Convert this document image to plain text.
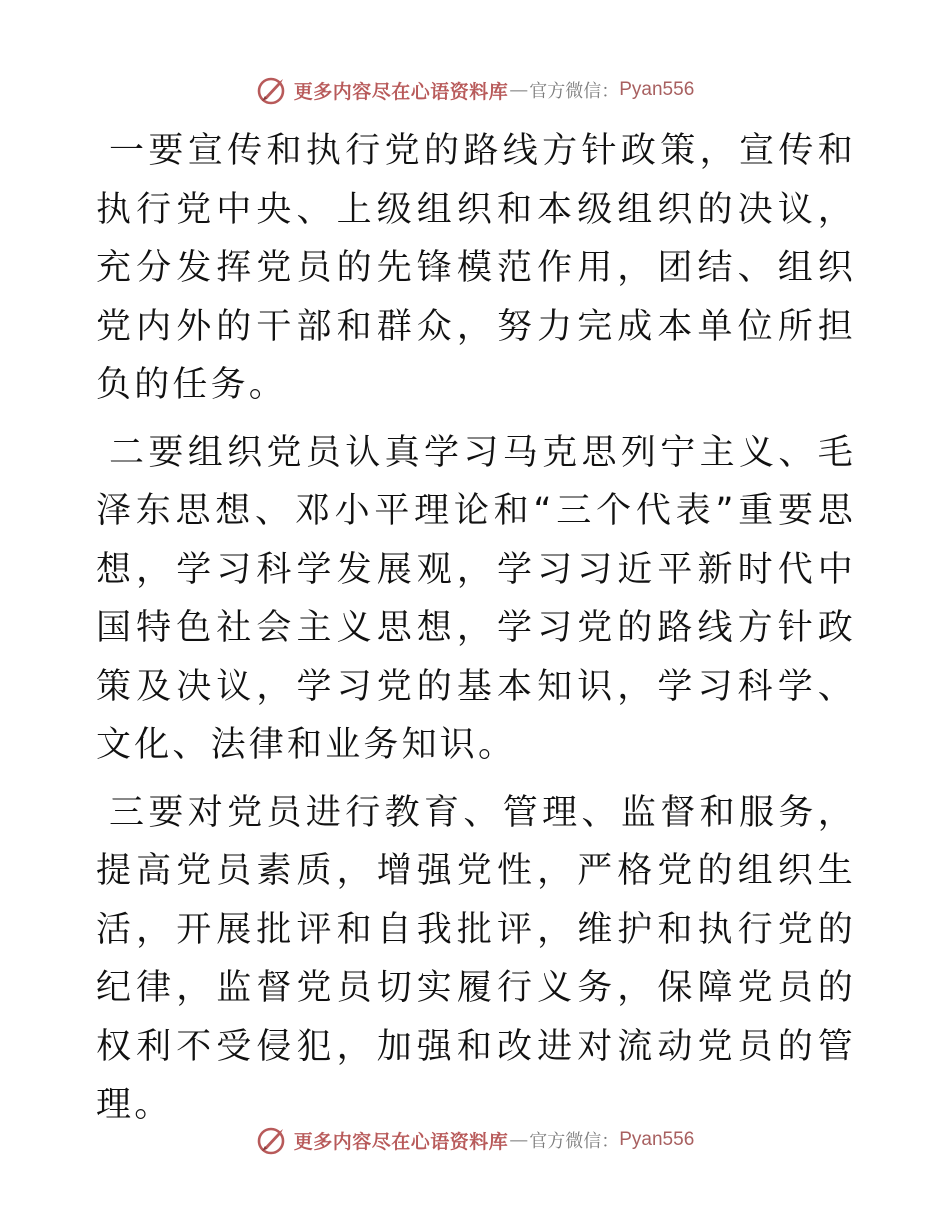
更多内容尽在心语资料库 — 官方微信： Pyan556

一要宣传和执行党的路线方针政策，宣传和执行党中央、上级组织和本级组织的决议，充分发挥党员的先锋模范作用，团结、组织党内外的干部和群众，努力完成本单位所担负的任务。

二要组织党员认真学习马克思列宁主义、毛泽东思想、邓小平理论和“三个代表”重要思想，学习科学发展观，学习习近平新时代中国特色社会主义思想，学习党的路线方针政策及决议，学习党的基本知识，学习科学、文化、法律和业务知识。

三要对党员进行教育、管理、监督和服务，提高党员素质，增强党性，严格党的组织生活，开展批评和自我批评，维护和执行党的纪律，监督党员切实履行义务，保障党员的权利不受侵犯，加强和改进对流动党员的管理。

更多内容尽在心语资料库 — 官方微信： Pyan556
